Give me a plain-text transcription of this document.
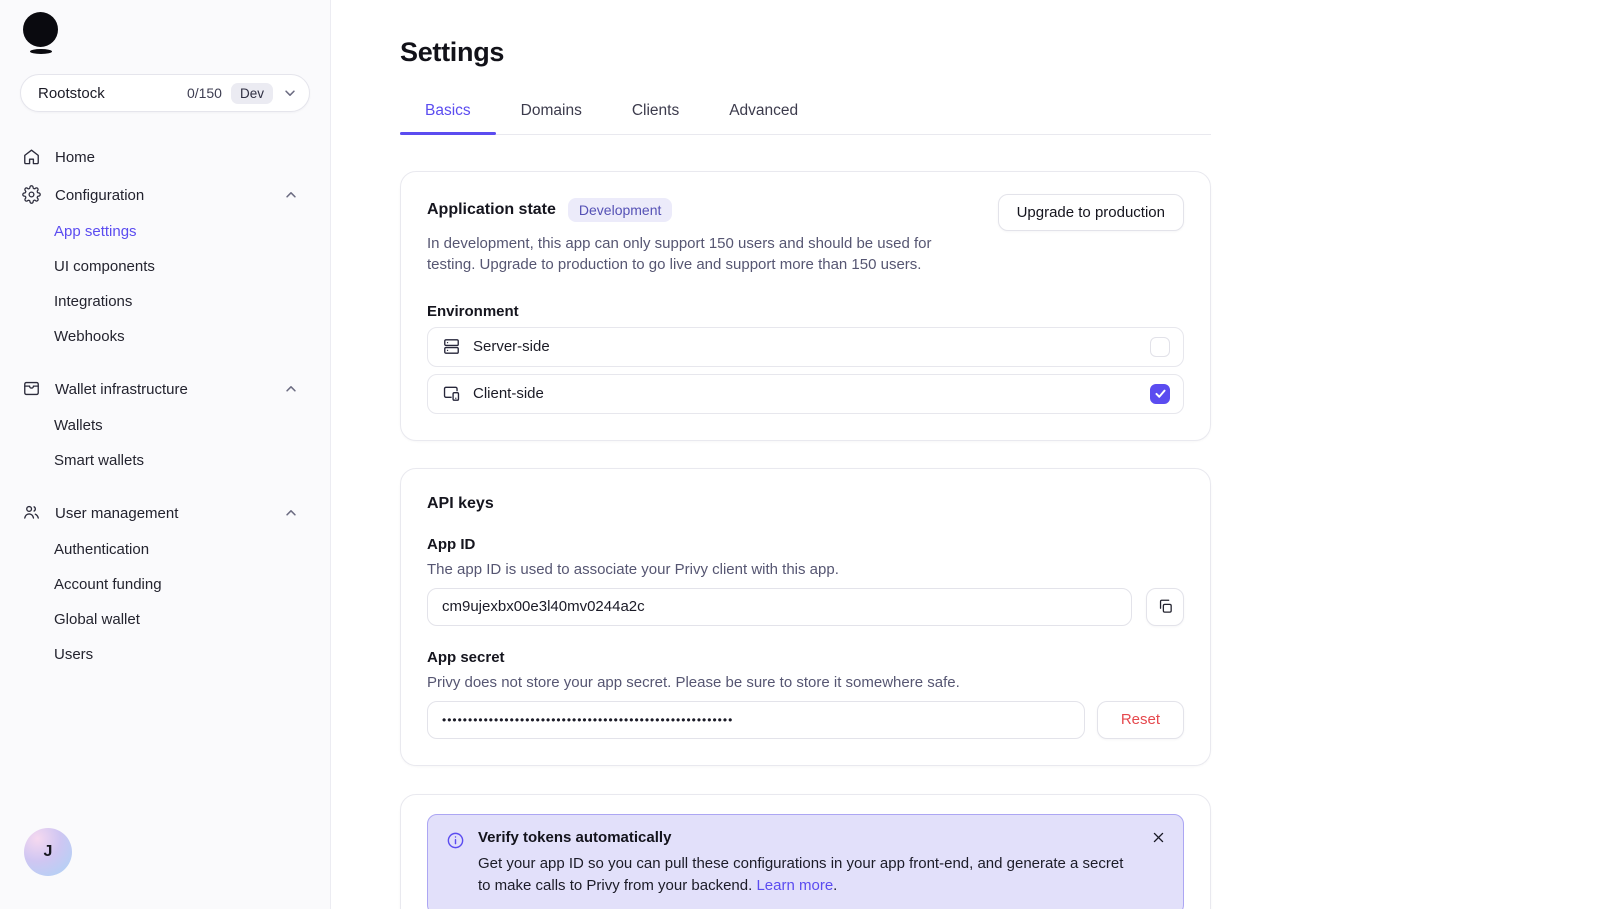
Rootstock	0/150	Dev
Home
Configuration
App settings
UI components
Integrations
Webhooks
Wallet infrastructure
Wallets
Smart wallets
User management
Authentication
Account funding
Global wallet
Users
J
Settings
Basics	Domains	Clients	Advanced
Application state	Development

In development, this app can only support 150 users and should be used for testing. Upgrade to production to go live and support more than 150 users.

Upgrade to production
Environment
Server-side
Client-side
API keys
App ID
The app ID is used to associate your Privy client with this app.
cm9ujexbx00e3l40mv0244a2c
App secret
Privy does not store your app secret. Please be sure to store it somewhere safe.
••••••••••••••••••••••••••••••••••••••••••••••••••••••••
Reset
Verify tokens automatically
Get your app ID so you can pull these configurations in your app front-end, and generate a secret to make calls to Privy from your backend. Learn more.
